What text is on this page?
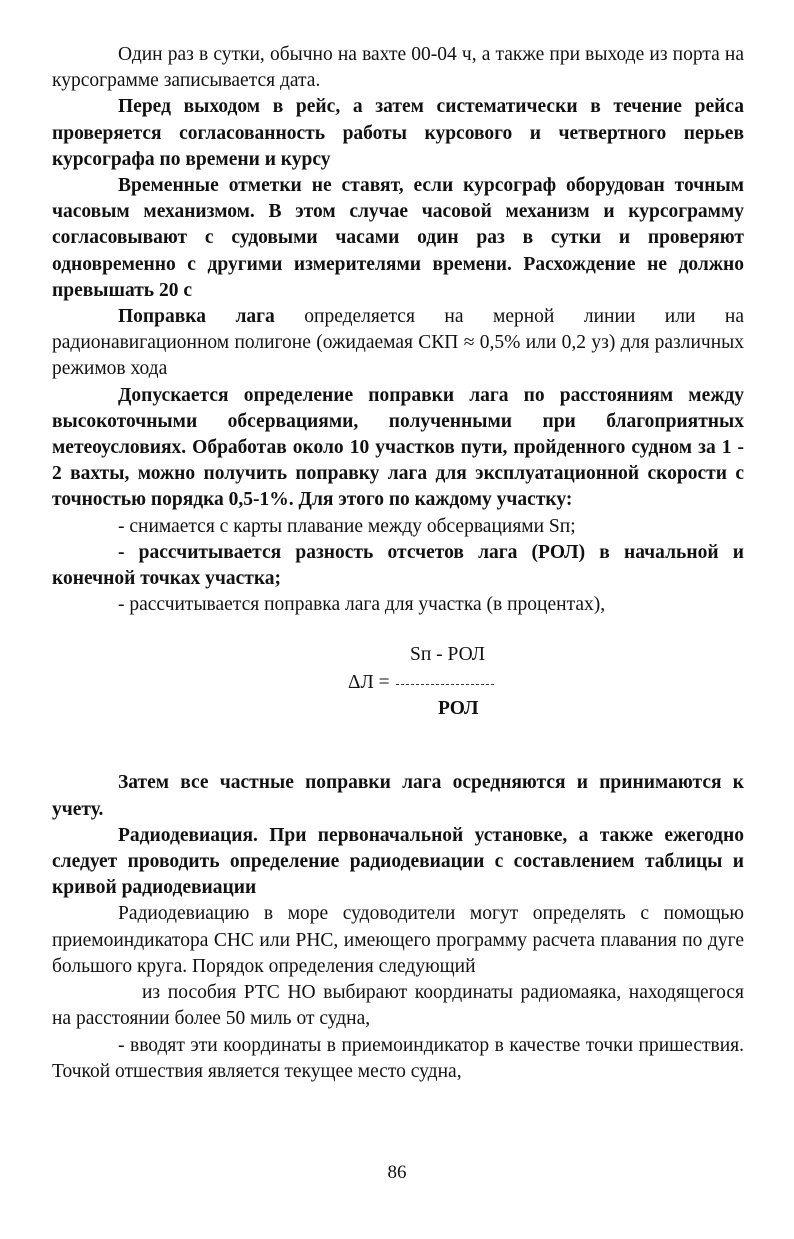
Один раз в сутки, обычно на вахте 00-04 ч, а также при выходе из порта на курсограмме записывается дата.

Перед выходом в рейс, а затем систематически в течение рейса проверяется согласованность работы курсового и четвертного перьев курсографа по времени и курсу

Временные отметки не ставят, если курсограф оборудован точным часовым механизмом. В этом случае часовой механизм и курсограмму согласовывают с судовыми часами один раз в сутки и проверяют одновременно с другими измерителями времени. Расхождение не должно превышать 20 с

Поправка лага определяется на мерной линии или на радионавигационном полигоне (ожидаемая СКП ≈ 0,5% или 0,2 уз) для различных режимов хода

Допускается определение поправки лага по расстояниям между высокоточными обсервациями, полученными при благоприятных метеоусловиях. Обработав около 10 участков пути, пройденного судном за 1 - 2 вахты, можно получить поправку лага для эксплуатационной скорости с точностью порядка 0,5-1%. Для этого по каждому участку:

- снимается с карты плавание между обсервациями Sп;

- рассчитывается разность отсчетов лага (РОЛ) в начальной и конечной точках участка;

- рассчитывается поправка лага для участка (в процентах),

Sп - РОЛ
ΔЛ =
РОЛ

Затем все частные поправки лага осредняются и принимаются к учету.

Радиодевиация. При первоначальной установке, а также ежегодно следует проводить определение радиодевиации с составлением таблицы и кривой радиодевиации

Радиодевиацию в море судоводители могут определять с помощью приемоиндикатора СНС или РНС, имеющего программу расчета плавания по дуге большого круга. Порядок определения следующий

из пособия РТС НО выбирают координаты радиомаяка, находящегося на расстоянии более 50 миль от судна,

- вводят эти координаты в приемоиндикатор в качестве точки пришествия. Точкой отшествия является текущее место судна,

86
